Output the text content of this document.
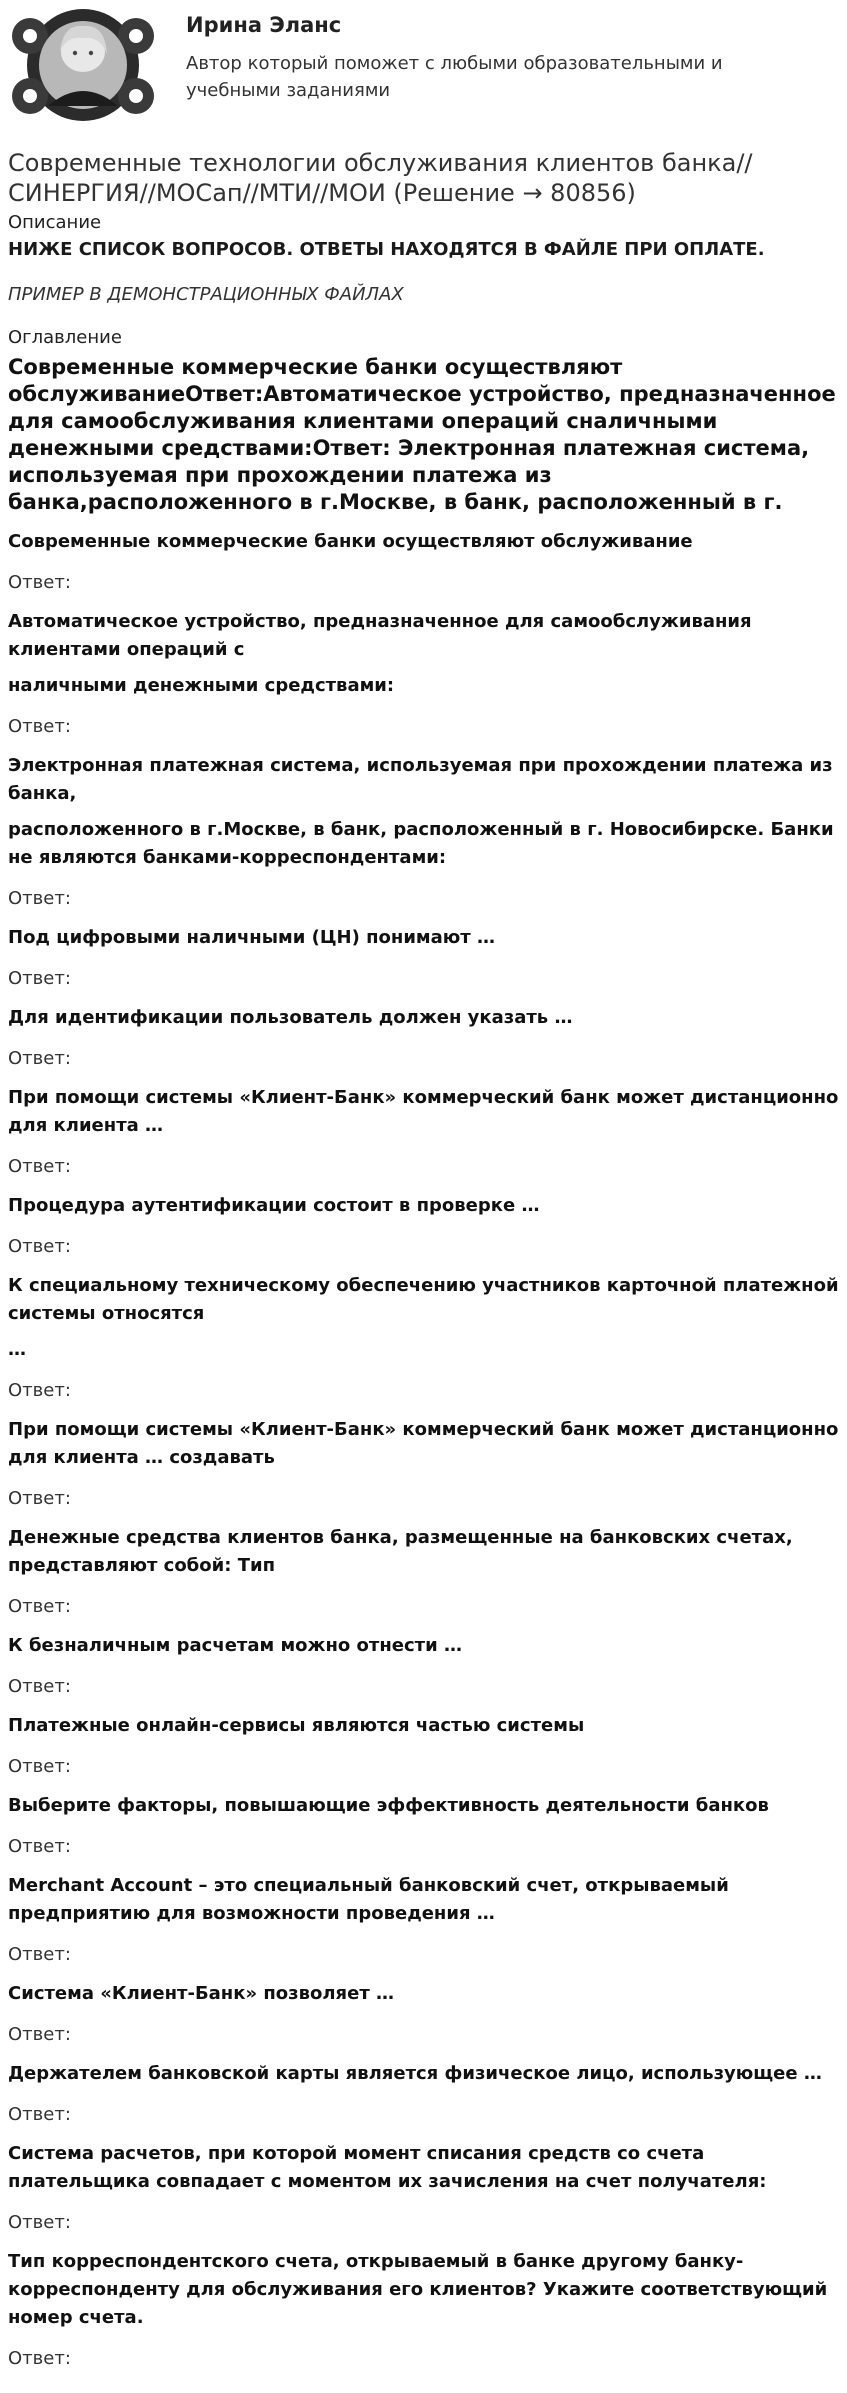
Ирина Эланс
Автор который поможет с любыми образовательными и учебными заданиями
Современные технологии обслуживания клиентов банка//СИНЕРГИЯ//МОСап//МТИ//МОИ (Решение → 80856)
Описание
НИЖЕ СПИСОК ВОПРОСОВ. ОТВЕТЫ НАХОДЯТСЯ В ФАЙЛЕ ПРИ ОПЛАТЕ.
ПРИМЕР В ДЕМОНСТРАЦИОННЫХ ФАЙЛАХ
Оглавление
Современные коммерческие банки осуществляют обслуживаниеОтвет:Автоматическое устройство, предназначенное для самообслуживания клиентами операций сналичными денежными средствами:Ответ: Электронная платежная система, используемая при прохождении платежа из банка,расположенного в г.Москве, в банк, расположенный в г.
Современные коммерческие банки осуществляют обслуживание
Ответ:
Автоматическое устройство, предназначенное для самообслуживания клиентами операций с
наличными денежными средствами:
Ответ:
Электронная платежная система, используемая при прохождении платежа из банка,
расположенного в г.Москве, в банк, расположенный в г. Новосибирске. Банки не являются банками-корреспондентами:
Ответ:
Под цифровыми наличными (ЦН) понимают …
Ответ:
Для идентификации пользователь должен указать …
Ответ:
При помощи системы «Клиент-Банк» коммерческий банк может дистанционно для клиента …
Ответ:
Процедура аутентификации состоит в проверке …
Ответ:
К специальному техническому обеспечению участников карточной платежной системы относятся
…
Ответ:
При помощи системы «Клиент-Банк» коммерческий банк может дистанционно для клиента … создавать
Ответ:
Денежные средства клиентов банка, размещенные на банковских счетах, представляют собой: Тип
Ответ:
К безналичным расчетам можно отнести …
Ответ:
Платежные онлайн-сервисы являются частью системы
Ответ:
Выберите факторы, повышающие эффективность деятельности банков
Ответ:
Merchant Account – это специальный банковский счет, открываемый предприятию для возможности проведения …
Ответ:
Система «Клиент-Банк» позволяет …
Ответ:
Держателем банковской карты является физическое лицо, использующее …
Ответ:
Система расчетов, при которой момент списания средств со счета плательщика совпадает с моментом их зачисления на счет получателя:
Ответ:
Тип корреспондентского счета, открываемый в банке другому банку-корреспонденту для обслуживания его клиентов? Укажите соответствующий номер счета.
Ответ:
